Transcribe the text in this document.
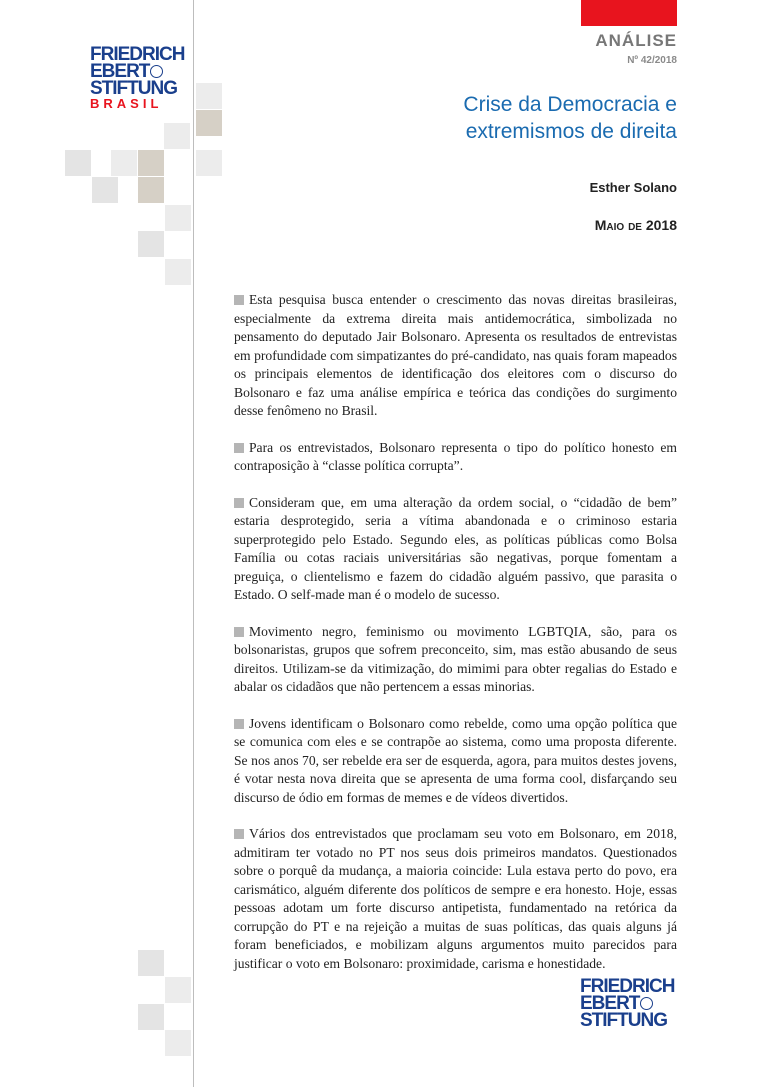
FRIEDRICH
EBERT
STIFTUNG
BRASIL
ANÁLISE
Nº 42/2018
Crise da Democracia e
extremismos de direita
Esther Solano
Maio de 2018

Esta pesquisa busca entender o crescimento das novas direitas brasileiras, especialmente da extrema direita mais antidemocrática, simbolizada no pensamento do deputado Jair Bolsonaro. Apresenta os resultados de entrevistas em profundidade com simpatizantes do pré-candidato, nas quais foram mapeados os principais elementos de identificação dos eleitores com o discurso do Bolsonaro e faz uma análise empírica e teórica das condições do surgimento desse fenômeno no Brasil.

Para os entrevistados, Bolsonaro representa o tipo do político honesto em contraposição à “classe política corrupta”.

Consideram que, em uma alteração da ordem social, o “cidadão de bem” estaria desprotegido, seria a vítima abandonada e o criminoso estaria superprotegido pelo Estado. Segundo eles, as políticas públicas como Bolsa Família ou cotas raciais universitárias são negativas, porque fomentam a preguiça, o clientelismo e fazem do cidadão alguém passivo, que parasita o Estado. O self-made man é o modelo de sucesso.

Movimento negro, feminismo ou movimento LGBTQIA, são, para os bolsonaristas, grupos que sofrem preconceito, sim, mas estão abusando de seus direitos. Utilizam-se da vitimização, do mimimi para obter regalias do Estado e abalar os cidadãos que não pertencem a essas minorias.

Jovens identificam o Bolsonaro como rebelde, como uma opção política que se comunica com eles e se contrapõe ao sistema, como uma proposta diferente. Se nos anos 70, ser rebelde era ser de esquerda, agora, para muitos destes jovens, é votar nesta nova direita que se apresenta de uma forma cool, disfarçando seu discurso de ódio em formas de memes e de vídeos divertidos.

Vários dos entrevistados que proclamam seu voto em Bolsonaro, em 2018, admitiram ter votado no PT nos seus dois primeiros mandatos. Questionados sobre o porquê da mudança, a maioria coincide: Lula estava perto do povo, era carismático, alguém diferente dos políticos de sempre e era honesto. Hoje, essas pessoas adotam um forte discurso antipetista, fundamentado na retórica da corrupção do PT e na rejeição a muitas de suas políticas, das quais alguns já foram beneficiados, e mobilizam alguns argumentos muito parecidos para justificar o voto em Bolsonaro: proximidade, carisma e honestidade.

FRIEDRICH
EBERT
STIFTUNG
